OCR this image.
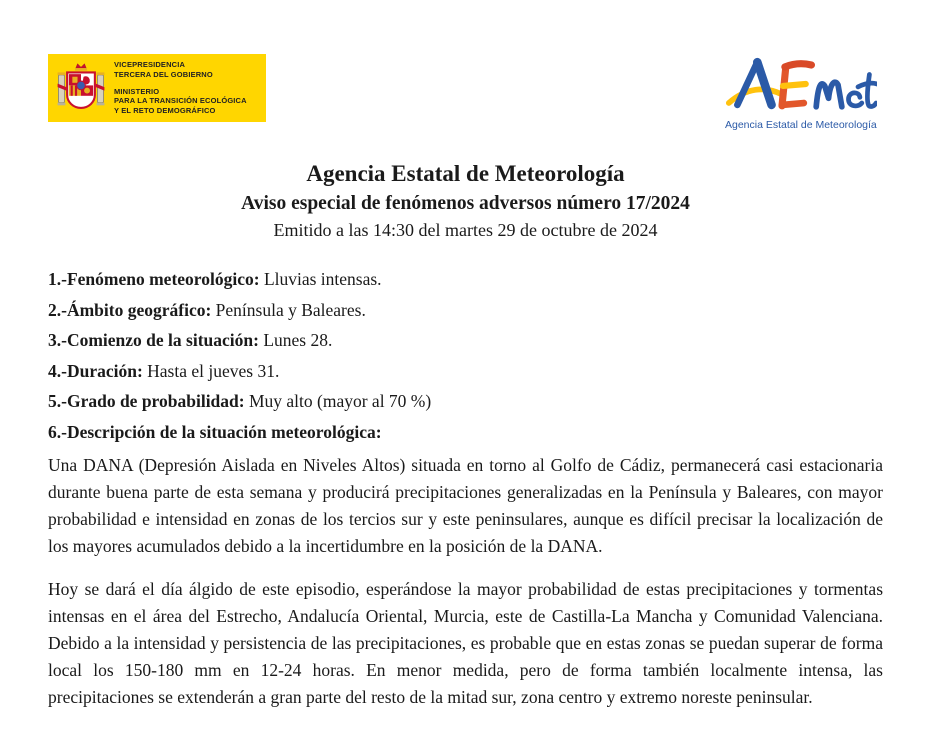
VICEPRESIDENCIA
TERCERA DEL GOBIERNO
MINISTERIO
PARA LA TRANSICIÓN ECOLÓGICA
Y EL RETO DEMOGRÁFICO
Agencia Estatal de Meteorología
Agencia Estatal de Meteorología
Aviso especial de fenómenos adversos número 17/2024
Emitido a las 14:30 del martes 29 de octubre de 2024
1.-Fenómeno meteorológico: Lluvias intensas.
2.-Ámbito geográfico: Península y Baleares.
3.-Comienzo de la situación: Lunes 28.
4.-Duración: Hasta el jueves 31.
5.-Grado de probabilidad: Muy alto (mayor al 70 %)
6.-Descripción de la situación meteorológica:

Una DANA (Depresión Aislada en Niveles Altos) situada en torno al Golfo de Cádiz, permanecerá casi estacionaria durante buena parte de esta semana y producirá precipitaciones generalizadas en la Península y Baleares, con mayor probabilidad e intensidad en zonas de los tercios sur y este peninsulares, aunque es difícil precisar la localización de los mayores acumulados debido a la incertidumbre en la posición de la DANA.

Hoy se dará el día álgido de este episodio, esperándose la mayor probabilidad de estas precipitaciones y tormentas intensas en el área del Estrecho, Andalucía Oriental, Murcia, este de Castilla-La Mancha y Comunidad Valenciana. Debido a la intensidad y persistencia de las precipitaciones, es probable que en estas zonas se puedan superar de forma local los 150-180 mm en 12-24 horas. En menor medida, pero de forma también localmente intensa, las precipitaciones se extenderán a gran parte del resto de la mitad sur, zona centro y extremo noreste peninsular.
